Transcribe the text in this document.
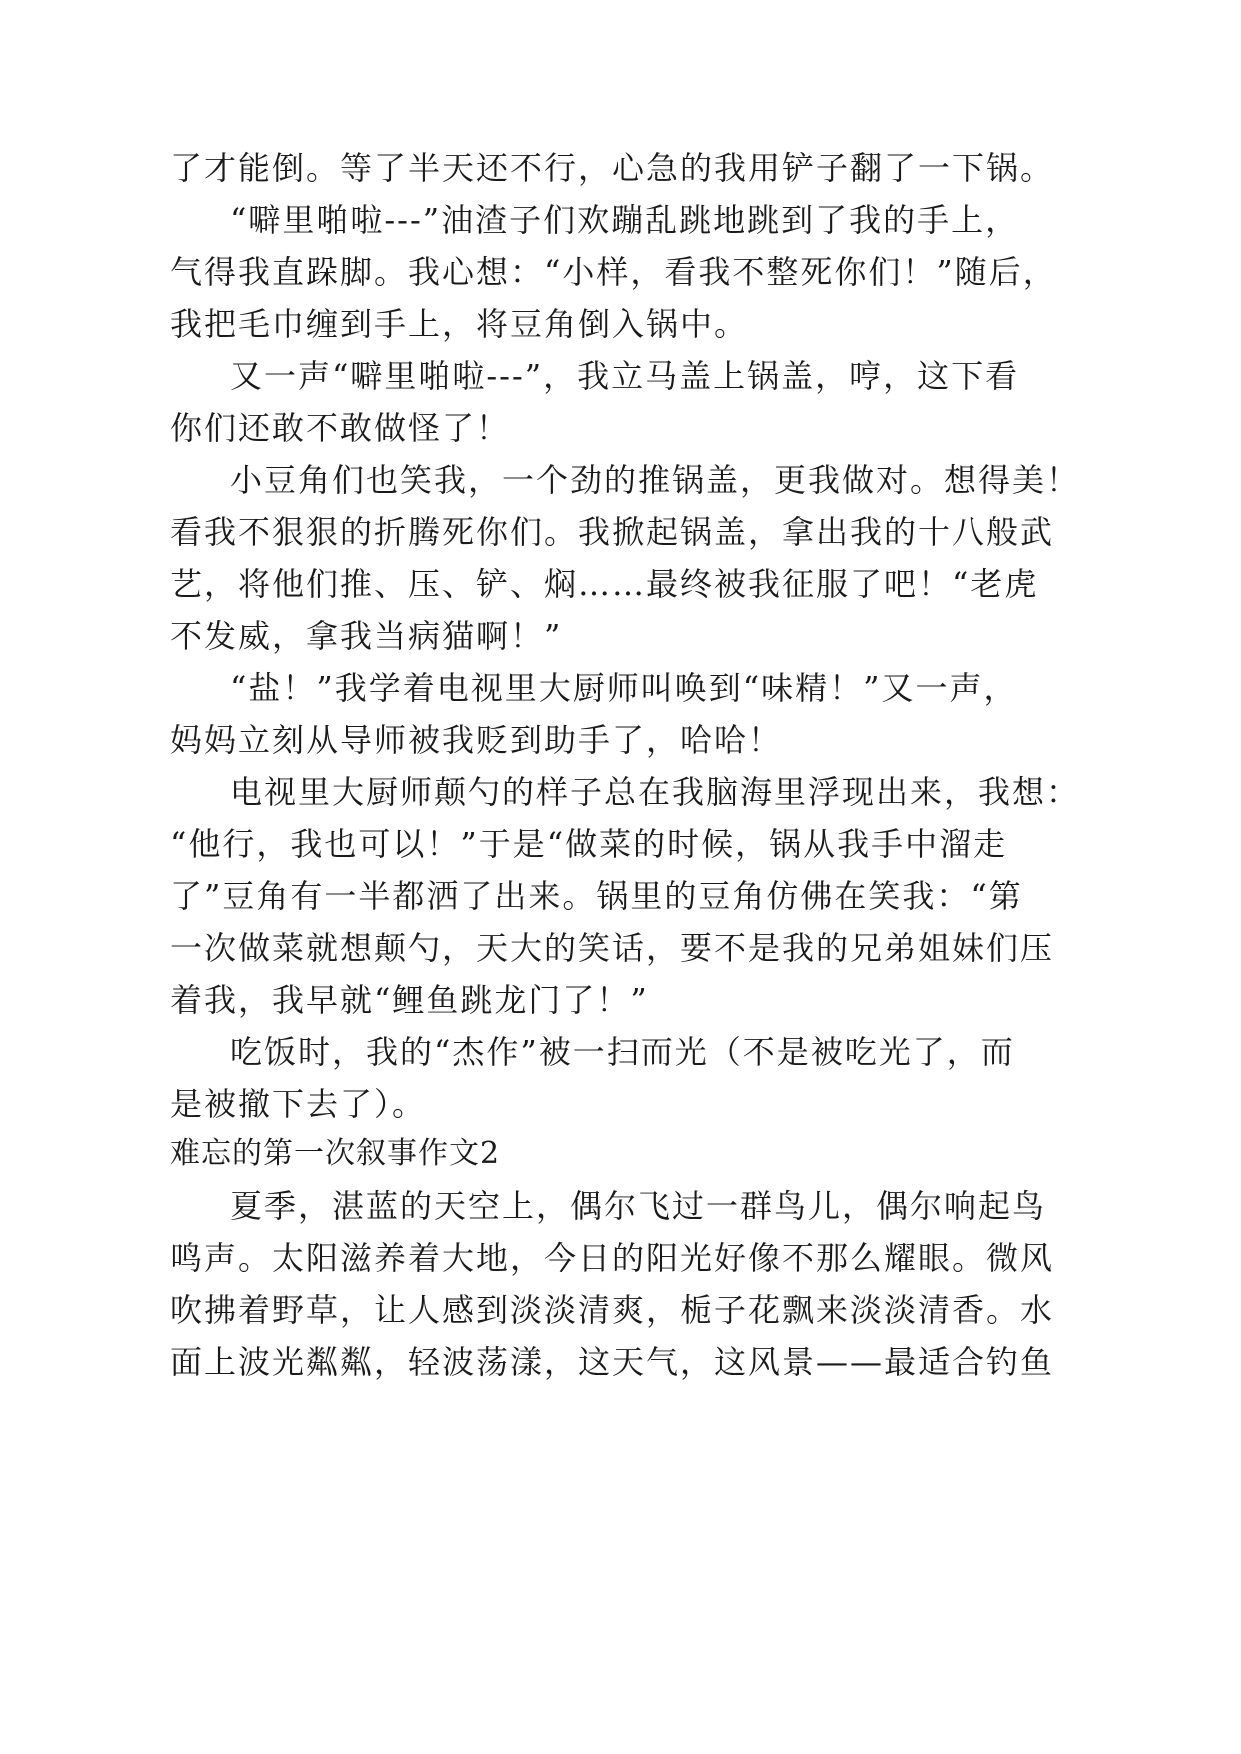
了才能倒。等了半天还不行，心急的我用铲子翻了一下锅。
“噼里啪啦---”油渣子们欢蹦乱跳地跳到了我的手上，
气得我直跺脚。我心想：“小样，看我不整死你们！”随后，
我把毛巾缠到手上，将豆角倒入锅中。
又一声“噼里啪啦---”，我立马盖上锅盖，哼，这下看
你们还敢不敢做怪了！
小豆角们也笑我，一个劲的推锅盖，更我做对。想得美！
看我不狠狠的折腾死你们。我掀起锅盖，拿出我的十八般武
艺，将他们推、压、铲、焖……最终被我征服了吧！“老虎
不发威，拿我当病猫啊！”
“盐！”我学着电视里大厨师叫唤到“味精！”又一声，
妈妈立刻从导师被我贬到助手了，哈哈！
电视里大厨师颠勺的样子总在我脑海里浮现出来，我想：
“他行，我也可以！”于是“做菜的时候，锅从我手中溜走
了”豆角有一半都洒了出来。锅里的豆角仿佛在笑我：“第
一次做菜就想颠勺，天大的笑话，要不是我的兄弟姐妹们压
着我，我早就“鲤鱼跳龙门了！”
吃饭时，我的“杰作”被一扫而光（不是被吃光了，而
是被撤下去了）。
难忘的第一次叙事作文2
夏季，湛蓝的天空上，偶尔飞过一群鸟儿，偶尔响起鸟
鸣声。太阳滋养着大地，今日的阳光好像不那么耀眼。微风
吹拂着野草，让人感到淡淡清爽，栀子花飘来淡淡清香。水
面上波光粼粼，轻波荡漾，这天气，这风景——最适合钓鱼
